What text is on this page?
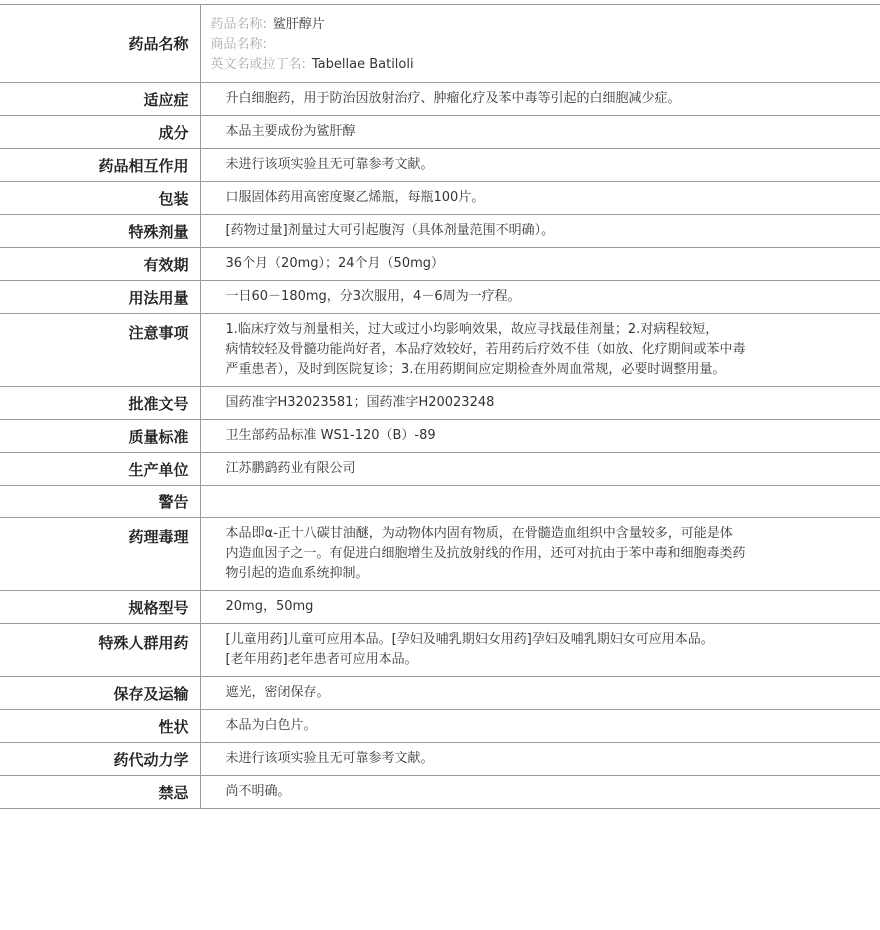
药品名称	药品名称: 鲨肝醇片
商品名称:
英文名或拉丁名: Tabellae Batiloli

适应症	升白细胞药，用于防治因放射治疗、肿瘤化疗及苯中毒等引起的白细胞减少症。
成分	本品主要成份为鲨肝醇
药品相互作用	未进行该项实验且无可靠参考文献。
包装	口服固体药用高密度聚乙烯瓶，每瓶100片。
特殊剂量	[药物过量]剂量过大可引起腹泻（具体剂量范围不明确）。
有效期	36个月（20mg）；24个月（50mg）
用法用量	一日60－180mg，分3次服用，4－6周为一疗程。
注意事项	1.临床疗效与剂量相关，过大或过小均影响效果，故应寻找最佳剂量；2.对病程较短，
病情较轻及骨髓功能尚好者，本品疗效较好，若用药后疗效不佳（如放、化疗期间或苯中毒
严重患者），及时到医院复诊；3.在用药期间应定期检查外周血常规，必要时调整用量。

批准文号	国药准字H32023581；国药准字H20023248
质量标准	卫生部药品标准 WS1-120（B）-89
生产单位	江苏鹏鹞药业有限公司
警告	
药理毒理	本品即α-正十八碳甘油醚，为动物体内固有物质，在骨髓造血组织中含量较多，可能是体
内造血因子之一。有促进白细胞增生及抗放射线的作用，还可对抗由于苯中毒和细胞毒类药
物引起的造血系统抑制。

规格型号	20mg，50mg
特殊人群用药	[儿童用药]儿童可应用本品。[孕妇及哺乳期妇女用药]孕妇及哺乳期妇女可应用本品。
[老年用药]老年患者可应用本品。

保存及运输	遮光，密闭保存。
性状	本品为白色片。
药代动力学	未进行该项实验且无可靠参考文献。
禁忌	尚不明确。
